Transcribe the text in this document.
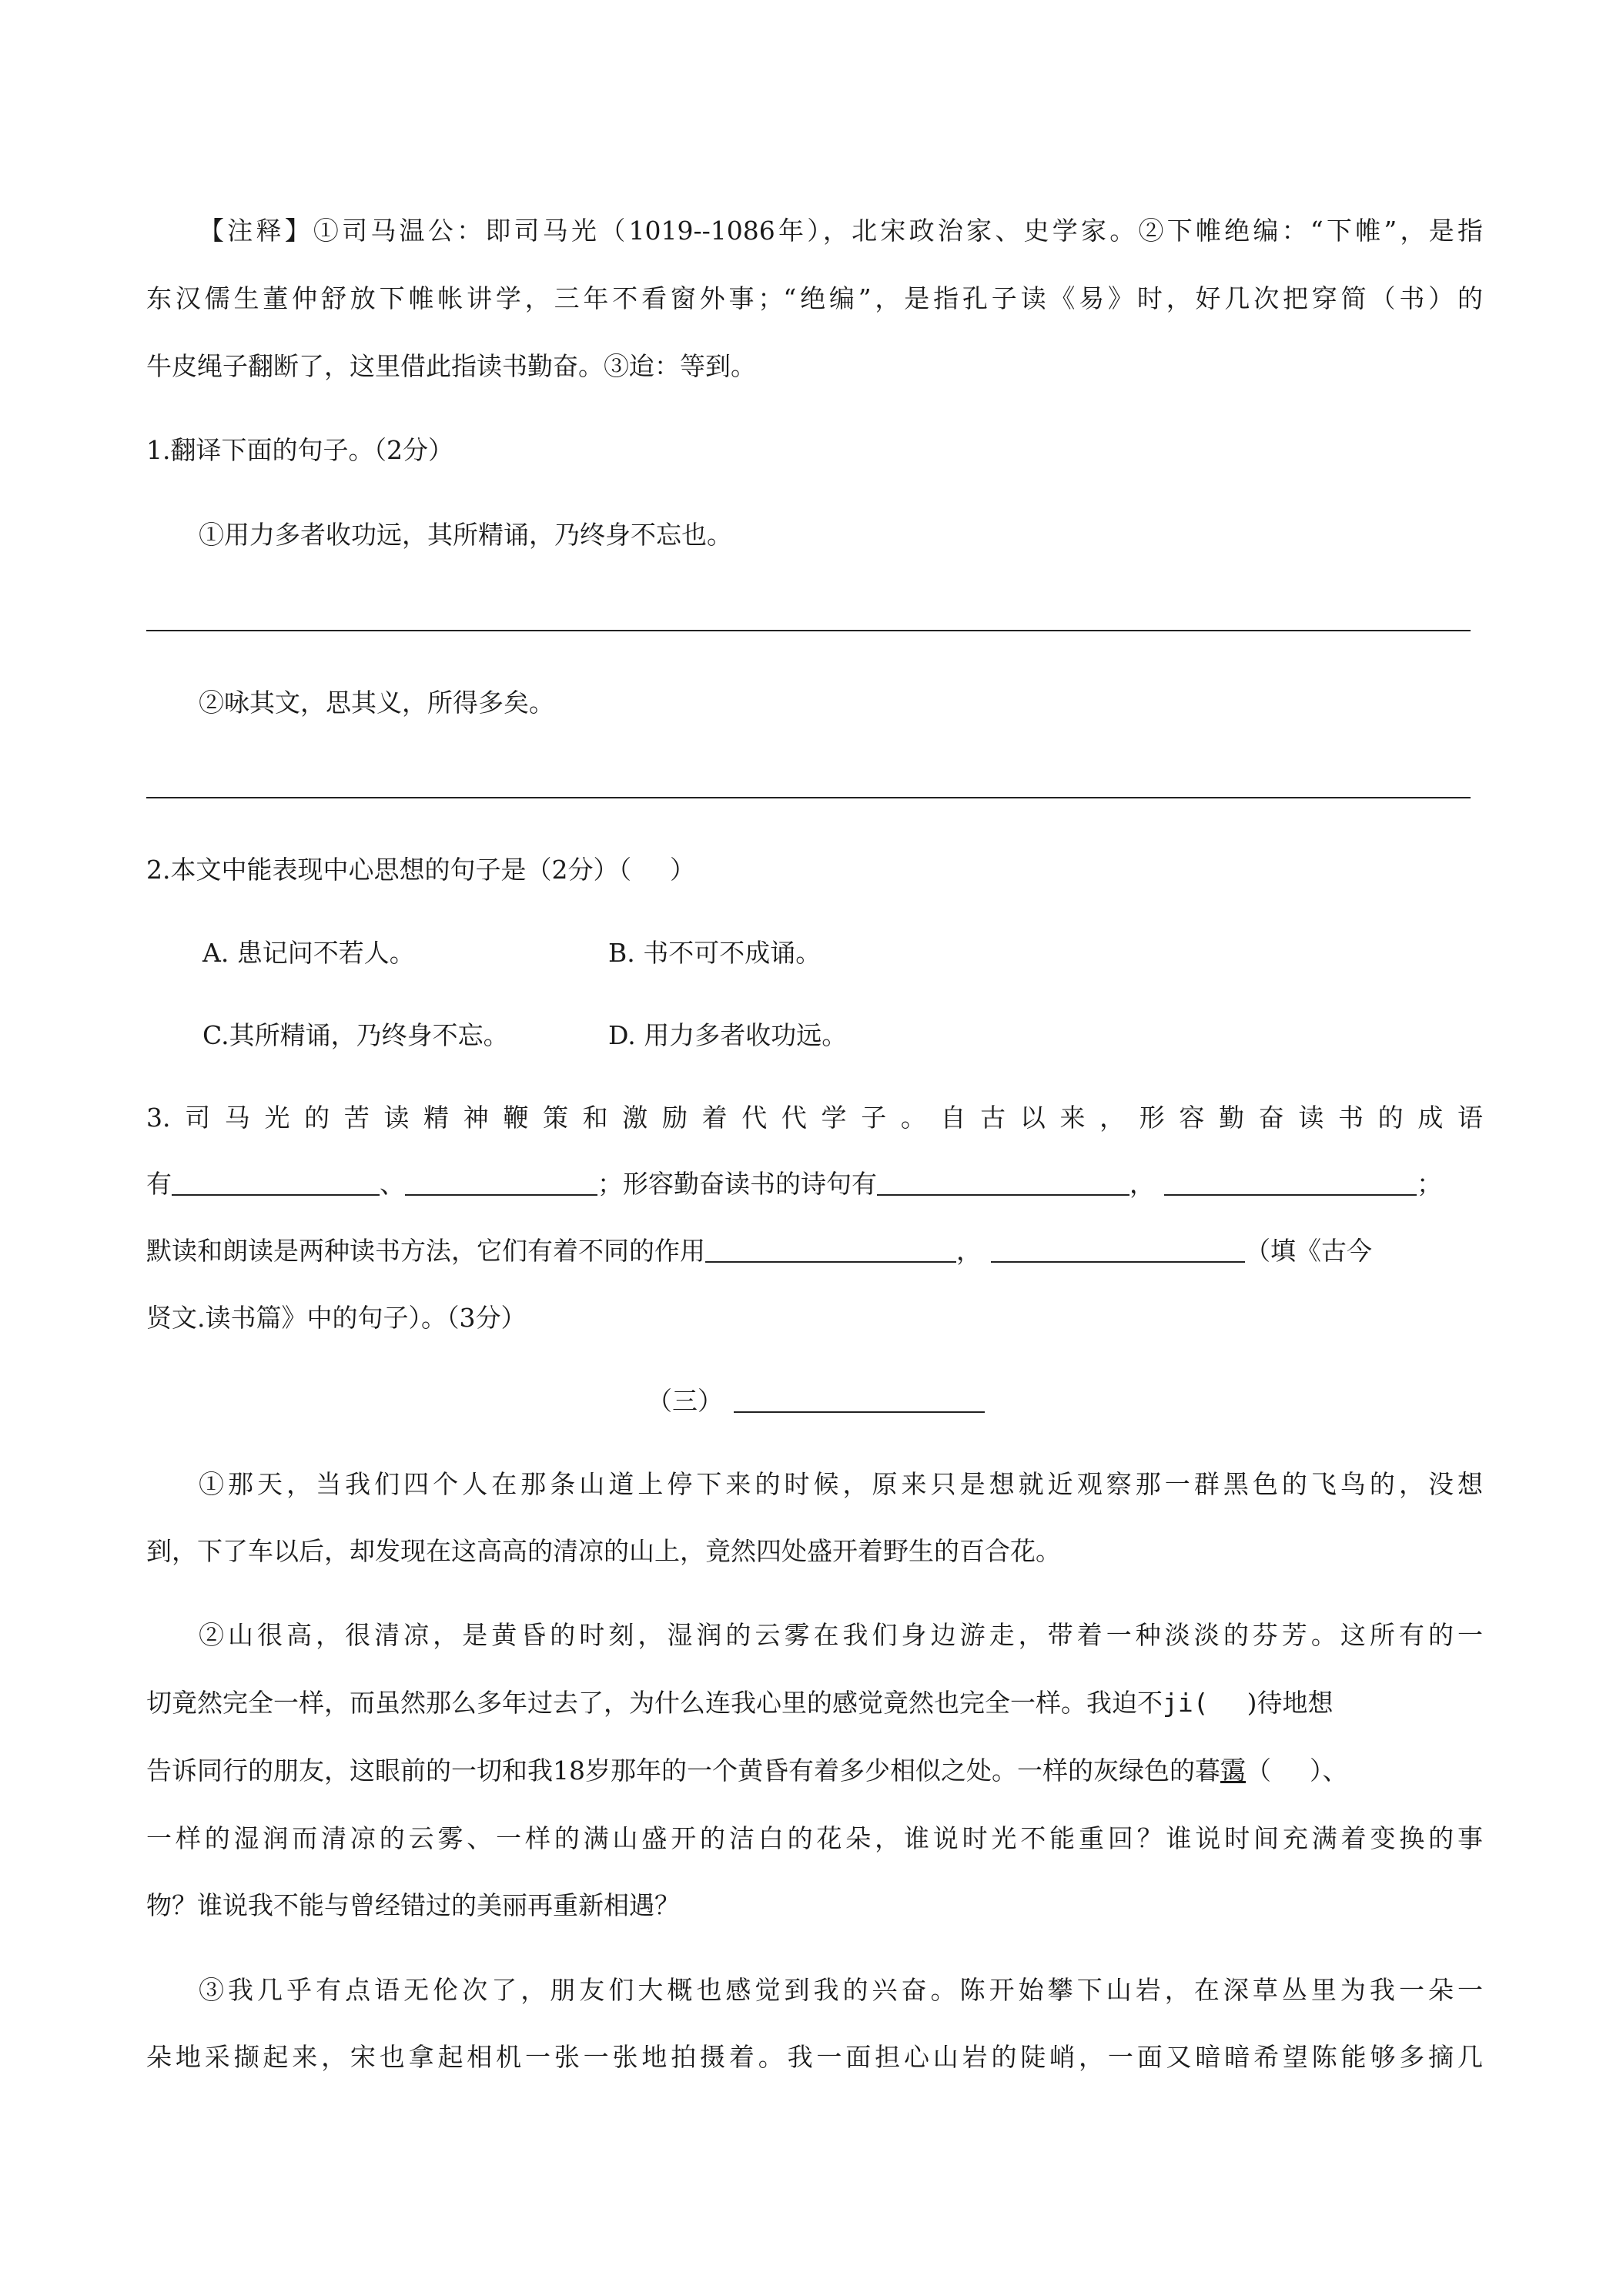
【注释】①司马温公：即司马光（1019--1086年），北宋政治家、史学家。②下帷绝编：“下帷”，是指
东汉儒生董仲舒放下帷帐讲学，三年不看窗外事；“绝编”，是指孔子读《易》时，好几次把穿简（书）的
牛皮绳子翻断了，这里借此指读书勤奋。③迨：等到。
1.翻译下面的句子。（2分）
①用力多者收功远，其所精诵，乃终身不忘也。
②咏其文，思其义，所得多矣。
2.本文中能表现中心思想的句子是（2分）（ ）
A. 患记问不若人。	B. 书不可不成诵。
C.其所精诵，乃终身不忘。	D. 用力多者收功远。
3.司马光的苦读精神鞭策和激励着代代学子。自古以来，形容勤奋读书的成语
有	、	；形容勤奋读书的诗句有	，	；
默读和朗读是两种读书方法，它们有着不同的作用	，	（填《古今
贤文.读书篇》中的句子）。（3分）
（三）
①那天，当我们四个人在那条山道上停下来的时候，原来只是想就近观察那一群黑色的飞鸟的，没想
到，下了车以后，却发现在这高高的清凉的山上，竟然四处盛开着野生的百合花。
②山很高，很清凉，是黄昏的时刻，湿润的云雾在我们身边游走，带着一种淡淡的芬芳。这所有的一
切竟然完全一样，而虽然那么多年过去了，为什么连我心里的感觉竟然也完全一样。我迫不ji( )待地想
告诉同行的朋友，这眼前的一切和我18岁那年的一个黄昏有着多少相似之处。一样的灰绿色的暮霭（ ）、
一样的湿润而清凉的云雾、一样的满山盛开的洁白的花朵，谁说时光不能重回？谁说时间充满着变换的事
物？谁说我不能与曾经错过的美丽再重新相遇？
③我几乎有点语无伦次了，朋友们大概也感觉到我的兴奋。陈开始攀下山岩，在深草丛里为我一朵一
朵地采撷起来，宋也拿起相机一张一张地拍摄着。我一面担心山岩的陡峭，一面又暗暗希望陈能够多摘几
